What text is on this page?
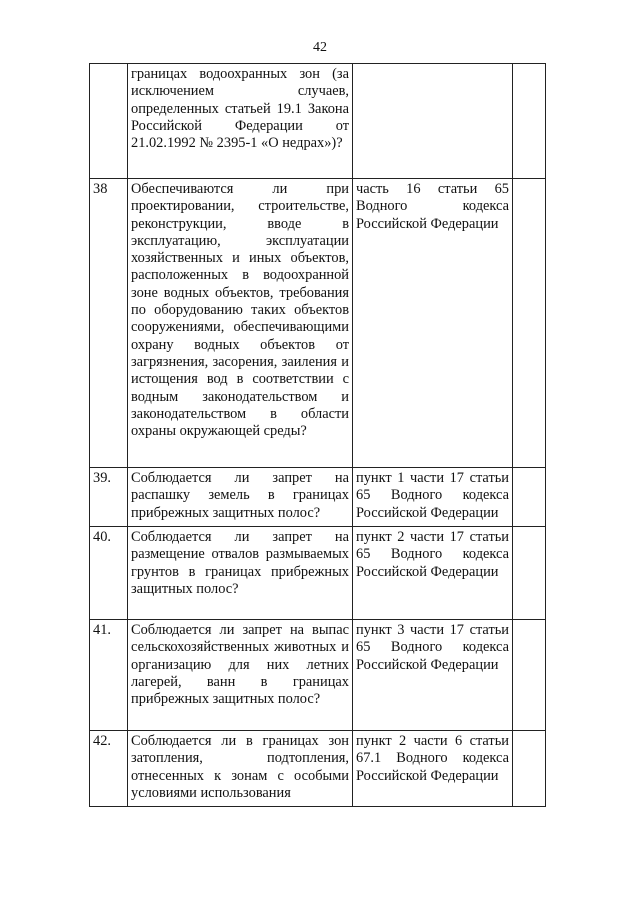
42
	границах водоохранных зон (за исключением случаев, определенных статьей 19.1 Закона Российской Федерации от 21.02.1992 № 2395-1 «О недрах»)?		
38	Обеспечиваются ли при проектировании, строительстве, реконструкции, вводе в эксплуатацию, эксплуатации хозяйственных и иных объектов, расположенных в водоохранной зоне водных объектов, требования по оборудованию таких объектов сооружениями, обеспечивающими охрану водных объектов от загрязнения, засорения, заиления и истощения вод в соответствии с водным законодательством и законодательством в области охраны окружающей среды?	часть 16 статьи 65 Водного кодекса Российской Федерации	
39.	Соблюдается ли запрет на распашку земель в границах прибрежных защитных полос?	пункт 1 части 17 статьи 65 Водного кодекса Российской Федерации	
40.	Соблюдается ли запрет на размещение отвалов размываемых грунтов в границах прибрежных защитных полос?	пункт 2 части 17 статьи 65 Водного кодекса Российской Федерации	
41.	Соблюдается ли запрет на выпас сельскохозяйственных животных и организацию для них летних лагерей, ванн в границах прибрежных защитных полос?	пункт 3 части 17 статьи 65 Водного кодекса Российской Федерации	
42.	Соблюдается ли в границах зон затопления, подтопления, отнесенных к зонам с особыми условиями использования	пункт 2 части 6 статьи 67.1 Водного кодекса Российской Федерации	
